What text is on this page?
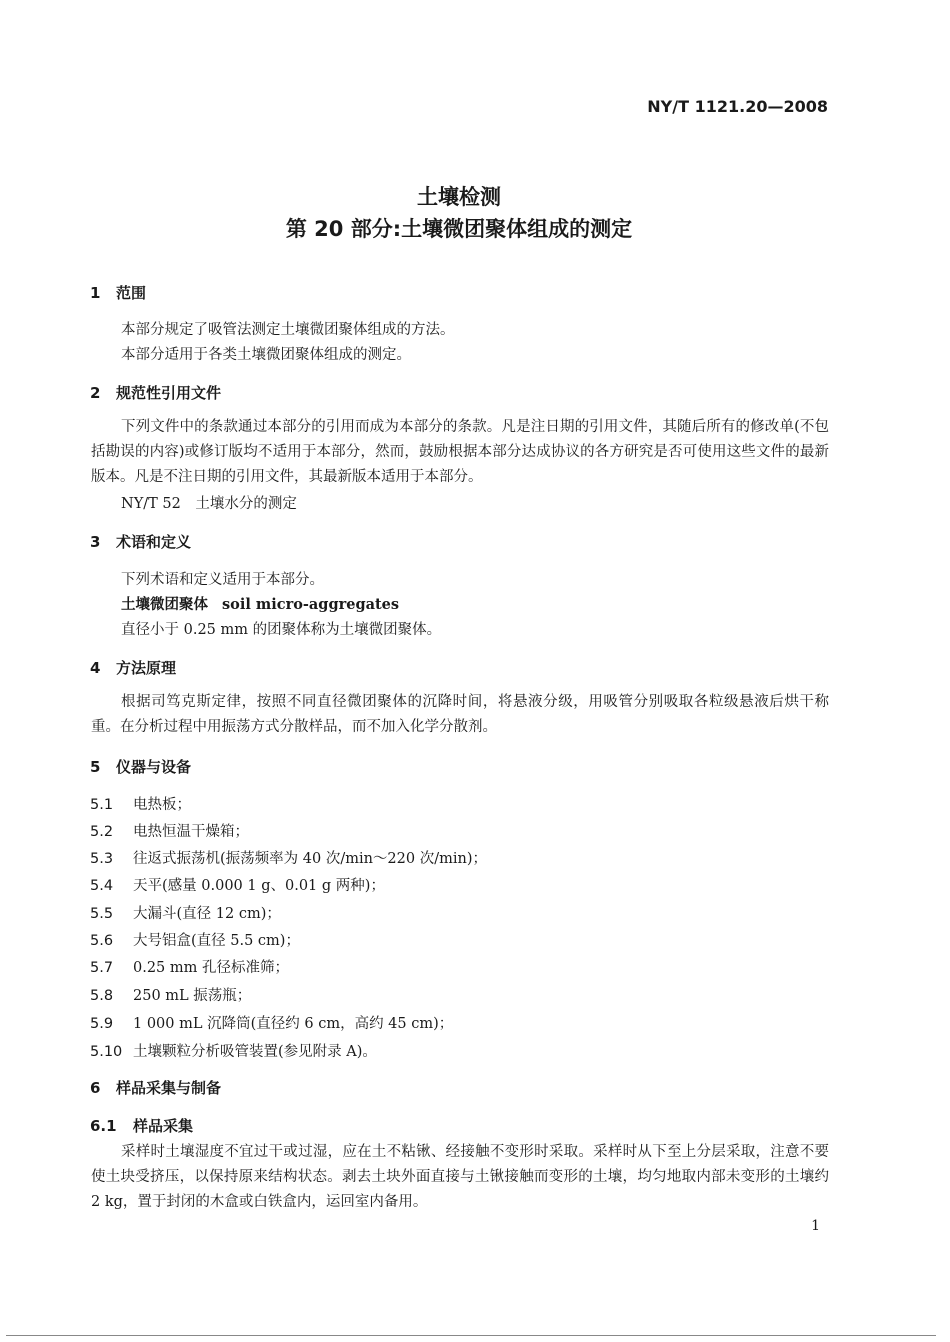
NY/T 1121.20—2008
土壤检测
第 20 部分:土壤微团聚体组成的测定
1 范围
本部分规定了吸管法测定土壤微团聚体组成的方法。
本部分适用于各类土壤微团聚体组成的测定。
2 规范性引用文件
下列文件中的条款通过本部分的引用而成为本部分的条款。凡是注日期的引用文件，其随后所有的修改单(不包括勘误的内容)或修订版均不适用于本部分，然而，鼓励根据本部分达成协议的各方研究是否可使用这些文件的最新版本。凡是不注日期的引用文件，其最新版本适用于本部分。
NY/T 52　土壤水分的测定
3 术语和定义
下列术语和定义适用于本部分。
土壤微团聚体 soil micro-aggregates
直径小于 0.25 mm 的团聚体称为土壤微团聚体。
4 方法原理
根据司笃克斯定律，按照不同直径微团聚体的沉降时间，将悬液分级，用吸管分别吸取各粒级悬液后烘干称重。在分析过程中用振荡方式分散样品，而不加入化学分散剂。
5 仪器与设备
5.1 电热板；
5.2 电热恒温干燥箱；
5.3 往返式振荡机(振荡频率为 40 次/min～220 次/min)；
5.4 天平(感量 0.000 1 g、0.01 g 两种)；
5.5 大漏斗(直径 12 cm)；
5.6 大号铝盒(直径 5.5 cm)；
5.7 0.25 mm 孔径标准筛；
5.8 250 mL 振荡瓶；
5.9 1 000 mL 沉降筒(直径约 6 cm，高约 45 cm)；
5.10 土壤颗粒分析吸管装置(参见附录 A)。
6 样品采集与制备
6.1 样品采集
采样时土壤湿度不宜过干或过湿，应在土不粘锹、经接触不变形时采取。采样时从下至上分层采取，注意不要使土块受挤压，以保持原来结构状态。剥去土块外面直接与土锹接触而变形的土壤，均匀地取内部未变形的土壤约 2 kg，置于封闭的木盒或白铁盒内，运回室内备用。
1
